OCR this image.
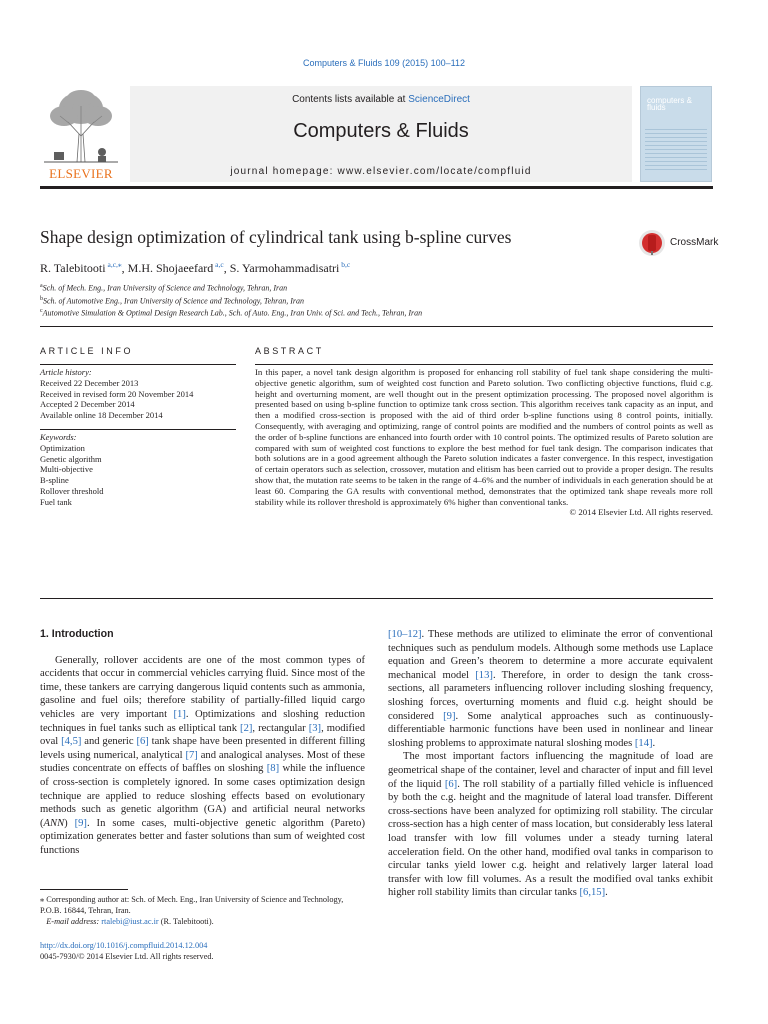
Computers & Fluids 109 (2015) 100–112
ELSEVIER
Contents lists available at ScienceDirect
Computers & Fluids
journal homepage: www.elsevier.com/locate/compfluid
computers & fluids
Shape design optimization of cylindrical tank using b-spline curves	CrossMark
R. Talebitooti $^{a,c,⁎}$, M.H. Shojaeefard $^{a,c}$, S. Yarmohammadisatri $^{b,c}$
$^a$Sch. of Mech. Eng., Iran University of Science and Technology, Tehran, Iran
$^b$Sch. of Automotive Eng., Iran University of Science and Technology, Tehran, Iran
$^c$Automotive Simulation & Optimal Design Research Lab., Sch. of Auto. Eng., Iran Univ. of Sci. and Tech., Tehran, Iran
ARTICLE INFO	ABSTRACT
Article history:
Received 22 December 2013
Received in revised form 20 November 2014
Accepted 2 December 2014
Available online 18 December 2014
Keywords:
Optimization
Genetic algorithm
Multi-objective
B-spline
Rollover threshold
Fuel tank
In this paper, a novel tank design algorithm is proposed for enhancing roll stability of fuel tank shape considering the multi-objective genetic algorithm, sum of weighted cost function and Pareto solution. Two conflicting objective functions, fluid c.g. height and overturning moment, are well thought out in the present optimization processing. The proposed novel algorithm is presented based on using b-spline function to optimize tank cross section. This algorithm receives tank capacity as an input, and then a modified cross-section is proposed with the aid of third order b-spline functions using 8 control points, initially. Consequently, with averaging and optimizing, range of control points are modified and the numbers of control points as well as the order of b-spline functions are enhanced into fourth order with 10 control points. The optimized results of Pareto solution are compared with sum of weighted cost functions to explore the best method for fuel tank design. The comparison indicates that both solutions are in a good agreement although the Pareto solution indicates a faster convergence. In this respect, investigation of certain operators such as selection, crossover, mutation and elitism has been carried out to provide a proper design. The results show that, the mutation rate seems to be taken in the range of 4–6% and the number of individuals in each generation should be at least 60. Comparing the GA results with conventional method, demonstrates that the optimized tank shape reveals more roll stability while its rollover threshold is approximately 6% higher than conventional tanks.
© 2014 Elsevier Ltd. All rights reserved.
1. Introduction

Generally, rollover accidents are one of the most common types of accidents that occur in commercial vehicles carrying fluid. Since most of the time, these tankers are carrying dangerous liquid contents such as ammonia, gasoline and fuel oils; therefore stability of partially-filled liquid cargo vehicles are very important [1]. Optimizations and sloshing reduction techniques in fuel tanks such as elliptical tank [2], rectangular [3], modified oval [4,5] and generic [6] tank shape have been presented in different filling levels using numerical, analytical [7] and analogical analyses. Most of these studies concentrate on effects of baffles on sloshing [8] while the influence of cross-section is completely ignored. In some cases optimization design technique are applied to reduce sloshing effects based on evolutionary methods such as genetic algorithm (GA) and artificial neural networks (ANN) [9]. In some cases, multi-objective genetic algorithm (Pareto) optimization generates better and faster solutions than sum of weighted cost functions

[10–12]. These methods are utilized to eliminate the error of conventional techniques such as pendulum models. Although some methods use Laplace equation and Green’s theorem to determine a more accurate equivalent mechanical model [13]. Therefore, in order to design the tank cross-sections, all parameters influencing rollover including sloshing frequency, sloshing forces, overturning moments and fluid c.g. height should be considered [9]. Some analytical approaches such as continuously-differentiable harmonic functions have been used in nonlinear and linear sloshing problems to approximate natural sloshing modes [14].

The most important factors influencing the magnitude of load are geometrical shape of the container, level and character of input and fill level of the liquid [6]. The roll stability of a partially filled vehicle is influenced by both the c.g. height and the magnitude of lateral load transfer. Different cross-sections have been analyzed for optimizing roll stability. The circular cross-section has a high center of mass location, but considerably less lateral load transfer with low fill volumes under a steady turning lateral acceleration field. On the other hand, modified oval tanks in comparison to circular tanks yield lower c.g. height and relatively larger lateral load transfer with low fill volumes. As a result the modified oval tanks exhibit higher roll stability limits than circular tanks [6,15].

⁎ Corresponding author at: Sch. of Mech. Eng., Iran University of Science and Technology, P.O.B. 16844, Tehran, Iran.
E-mail address: rtalebi@iust.ac.ir (R. Talebitooti).
http://dx.doi.org/10.1016/j.compfluid.2014.12.004
0045-7930/© 2014 Elsevier Ltd. All rights reserved.
